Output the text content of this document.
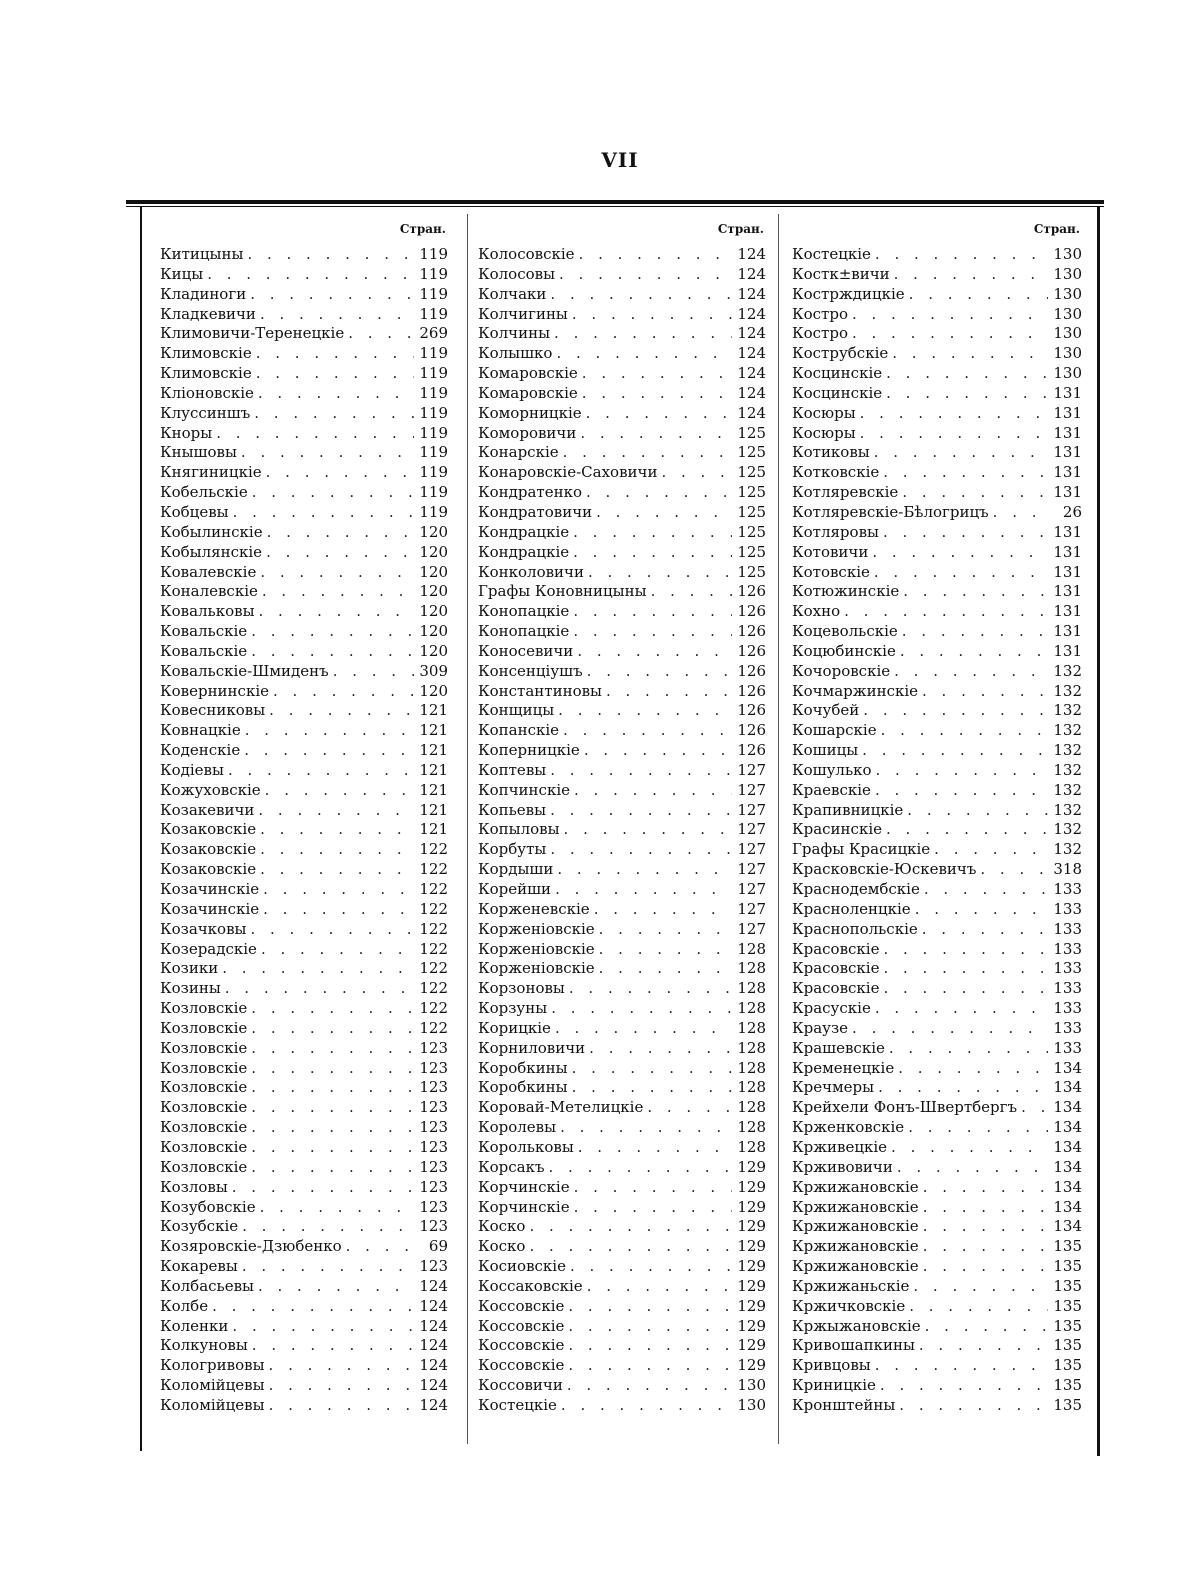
VII
Стран.
Китицыны . . .	119
Кицы . . .	119
Кладиноги . . .	119
Кладкевичи . . .	119
Климовичи-Теренецкіе . . .	269
Климовскіе . . .	119
Климовскіе . . .	119
Кліоновскіе . . .	119
Клуссиншъ . . .	119
Кноры . . .	119
Кнышовы . . .	119
Княгиницкіе . . .	119
Кобельскіе . . .	119
Кобцевы . . .	119
Кобылинскіе . . .	120
Кобылянскіе . . .	120
Ковалевскіе . . .	120
Коналевскіе . . .	120
Ковальковы . . .	120
Ковальскіе . . .	120
Ковальскіе . . .	120
Ковальскіе-Шмиденъ . . .	309
Ковернинскіе . . .	120
Ковесниковы . . .	121
Ковнацкіе . . .	121
Коденскіе . . .	121
Кодіевы . . .	121
Кожуховскіе . . .	121
Козакевичи . . .	121
Козаковскіе . . .	121
Козаковскіе . . .	122
Козаковскіе . . .	122
Козачинскіе . . .	122
Козачинскіе . . .	122
Козачковы . . .	122
Козерадскіе . . .	122
Козики . . .	122
Козины . . .	122
Козловскіе . . .	122
Козловскіе . . .	122
Козловскіе . . .	123
Козловскіе . . .	123
Козловскіе . . .	123
Козловскіе . . .	123
Козловскіе . . .	123
Козловскіе . . .	123
Козловскіе . . .	123
Козловы . . .	123
Козубовскіе . . .	123
Козубскіе . . .	123
Козяровскіе-Дзюбенко . . .	69
Кокаревы . . .	123
Колбасьевы . . .	124
Колбе . . .	124
Коленки . . .	124
Колкуновы . . .	124
Кологривовы . . .	124
Коломійцевы . . .	124
Коломійцевы . . .	124
Стран.
Колосовскіе . . .	124
Колосовы . . .	124
Колчаки . . .	124
Колчигины . . .	124
Колчины . . .	124
Колышко . . .	124
Комаровскіе . . .	124
Комаровскіе . . .	124
Коморницкіе . . .	124
Коморовичи . . .	125
Конарскіе . . .	125
Конаровскіе-Саховичи . . .	125
Кондратенко . . .	125
Кондратовичи . . .	125
Кондрацкіе . . .	125
Кондрацкіе . . .	125
Конколовичи . . .	125
Графы Коновницыны . . .	126
Конопацкіе . . .	126
Конопацкіе . . .	126
Коносевичи . . .	126
Консенціушъ . . .	126
Константиновы . . .	126
Конщицы . . .	126
Копанскіе . . .	126
Коперницкіе . . .	126
Коптевы . . .	127
Копчинскіе . . .	127
Копьевы . . .	127
Копыловы . . .	127
Корбуты . . .	127
Кордыши . . .	127
Корейши . . .	127
Корженевскіе . . .	127
Корженіовскіе . . .	127
Корженіовскіе . . .	128
Корженіовскіе . . .	128
Корзоновы . . .	128
Корзуны . . .	128
Корицкіе . . .	128
Корниловичи . . .	128
Коробкины . . .	128
Коробкины . . .	128
Коровай-Метелицкіе . . .	128
Королевы . . .	128
Корольковы . . .	128
Корсакъ . . .	129
Корчинскіе . . .	129
Корчинскіе . . .	129
Коско . . .	129
Коско . . .	129
Косиовскіе . . .	129
Коссаковскіе . . .	129
Коссовскіе . . .	129
Коссовскіе . . .	129
Коссовскіе . . .	129
Коссовскіе . . .	129
Коссовичи . . .	130
Костецкіе . . .	130
Стран.
Костецкіе . . .	130
Костк±вичи . . .	130
Кострждицкіе . . .	130
Костро . . .	130
Костро . . .	130
Кострубскіе . . .	130
Косцинскіе . . .	130
Косцинскіе . . .	131
Косюры . . .	131
Косюры . . .	131
Котиковы . . .	131
Котковскіе . . .	131
Котляревскіе . . .	131
Котляревскіе-Бѣлогрицъ . . .	26
Котляровы . . .	131
Котовичи . . .	131
Котовскіе . . .	131
Котюжинскіе . . .	131
Кохно . . .	131
Коцевольскіе . . .	131
Коцюбинскіе . . .	131
Кочоровскіе . . .	132
Кочмаржинскіе . . .	132
Кочубей . . .	132
Кошарскіе . . .	132
Кошицы . . .	132
Кошулько . . .	132
Краевскіе . . .	132
Крапивницкіе . . .	132
Красинскіе . . .	132
Графы Красицкіе . . .	132
Красковскіе-Юскевичъ . . .	318
Краснодембскіе . . .	133
Красноленцкіе . . .	133
Краснопольскіе . . .	133
Красовскіе . . .	133
Красовскіе . . .	133
Красовскіе . . .	133
Красускіе . . .	133
Краузе . . .	133
Крашевскіе . . .	133
Кременецкіе . . .	134
Кречмеры . . .	134
Крейхели Фонъ-Швертбергъ . . . 134
Крженковскіе . . .	134
Крживецкіе . . .	134
Крживовичи . . .	134
Кржижановскіе . . .	134
Кржижановскіе . . .	134
Кржижановскіе . . .	134
Кржижановскіе . . .	135
Кржижановскіе . . .	135
Кржижаньскіе . . .	135
Кржичковскіе . . .	135
Кржыжановскіе . . .	135
Кривошапкины . . .	135
Кривцовы . . .	135
Криницкіе . . .	135
Кронштейны . . .	135
